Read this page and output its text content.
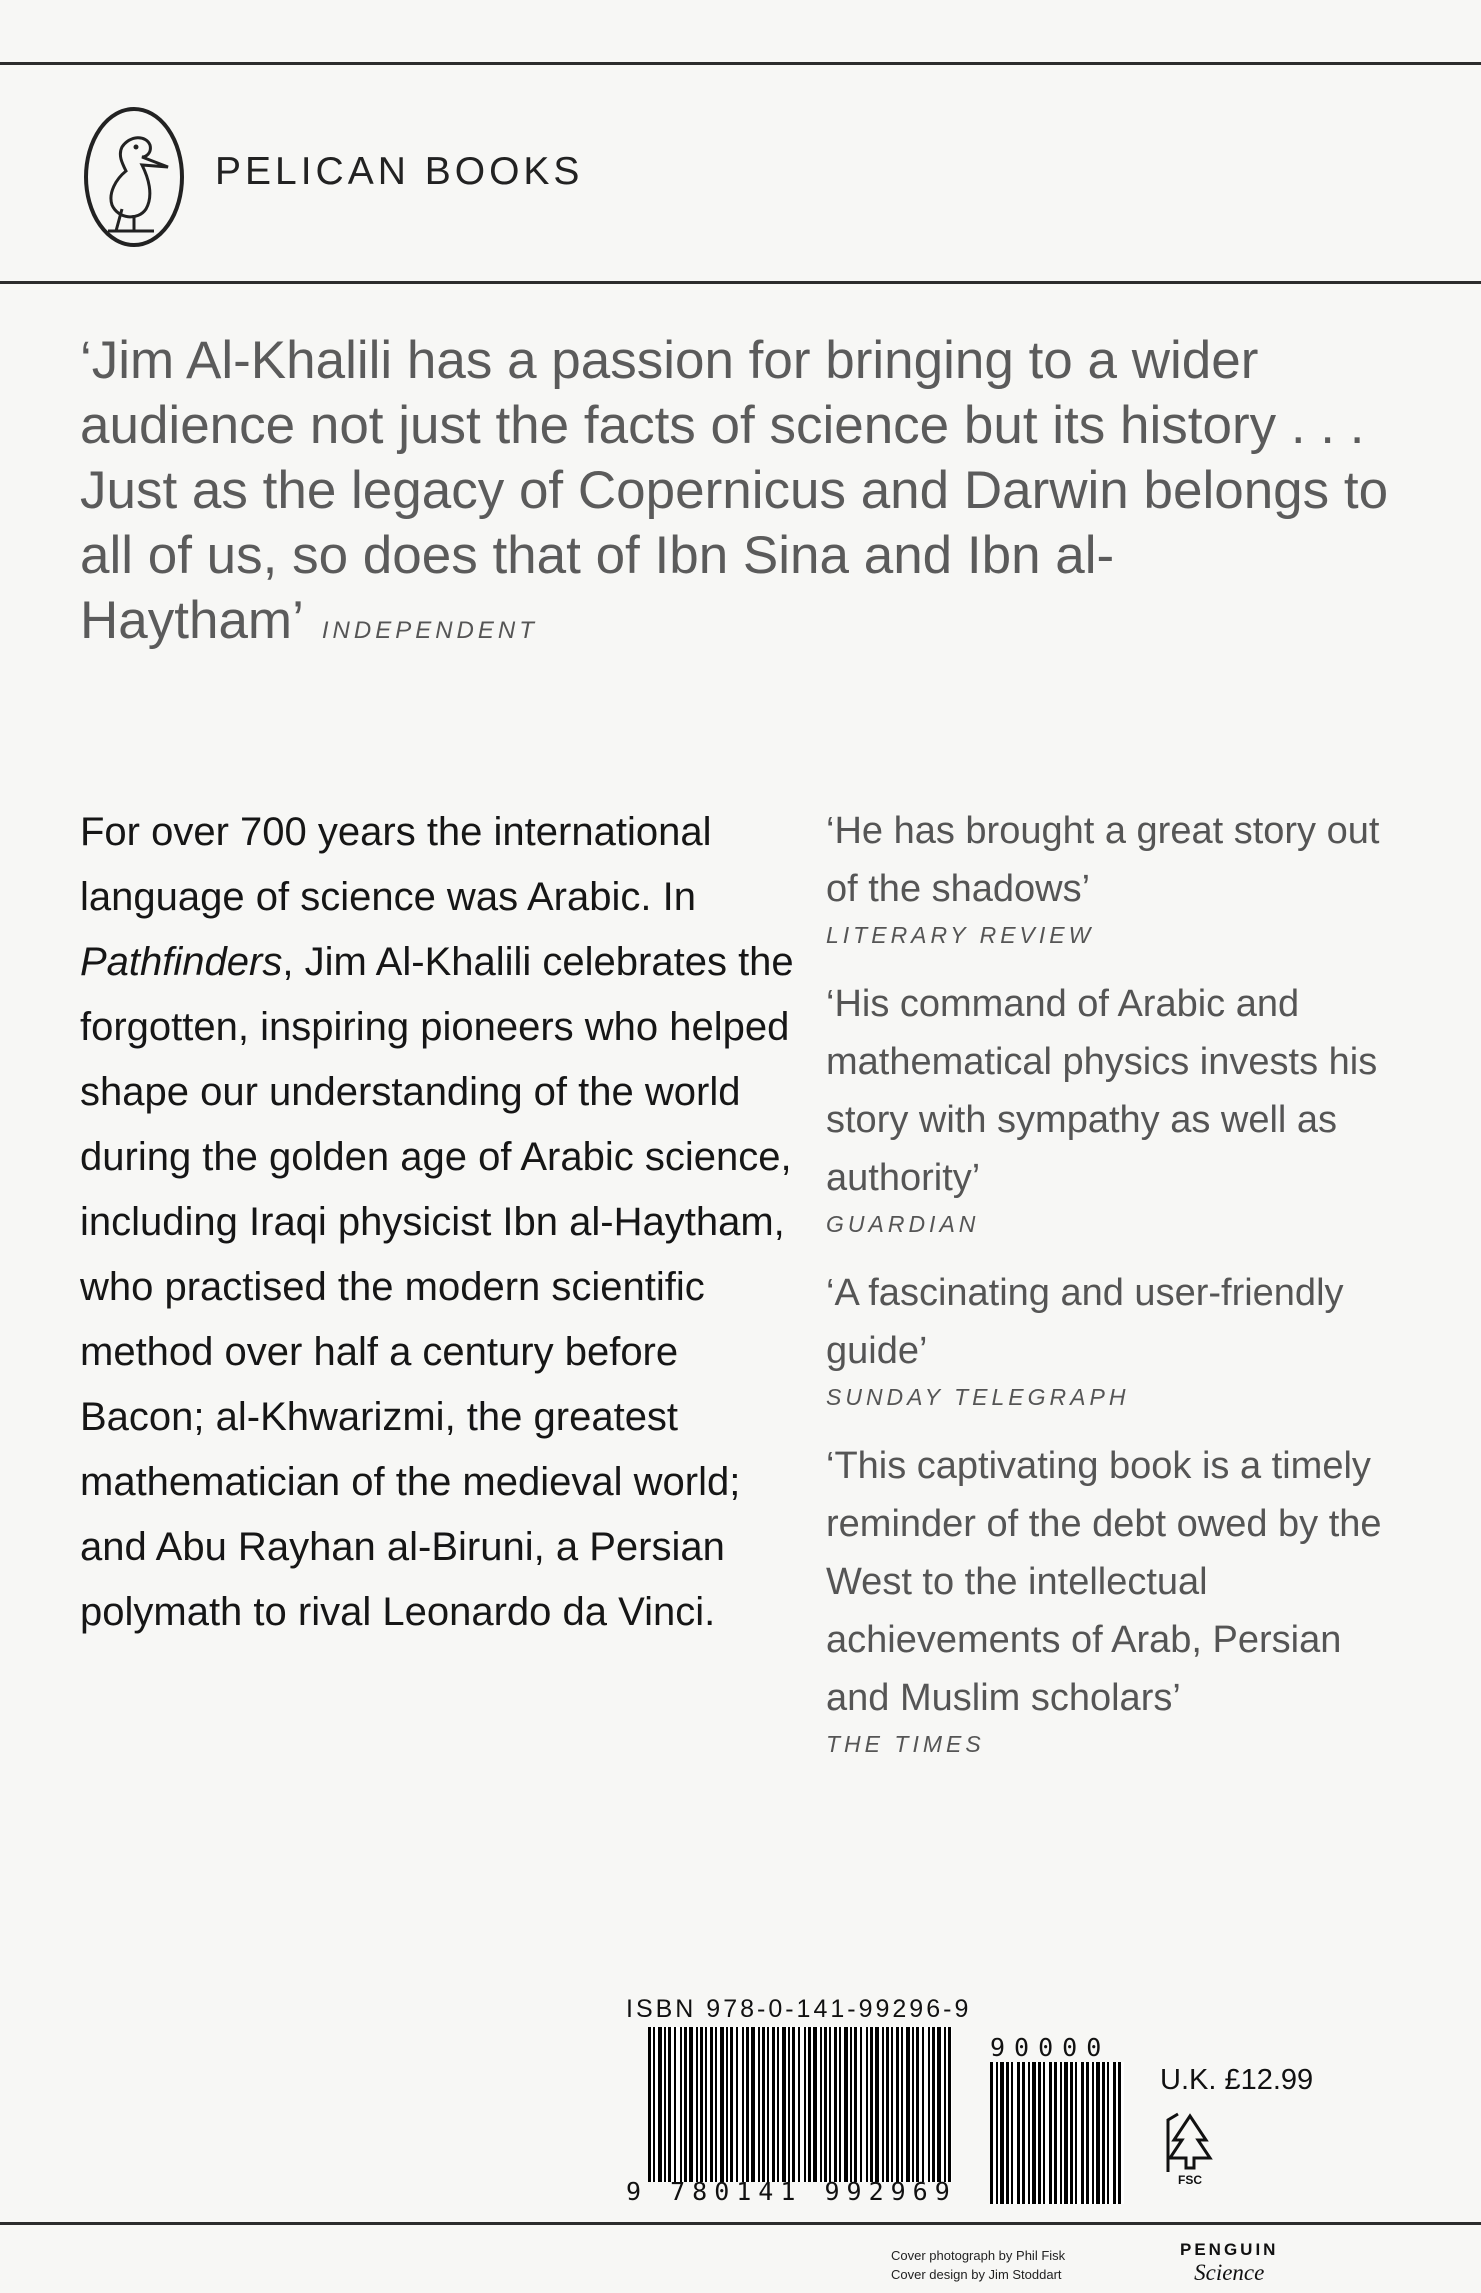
PELICAN BOOKS

‘Jim Al-Khalili has a passion for bringing to a wider audience not just the facts of science but its history . . . Just as the legacy of Copernicus and Darwin belongs to all of us, so does that of Ibn Sina and Ibn al-Haytham’ INDEPENDENT

For over 700 years the international language of science was Arabic. In Pathfinders, Jim Al-Khalili celebrates the forgotten, inspiring pioneers who helped shape our understanding of the world during the golden age of Arabic science, including Iraqi physicist Ibn al-Haytham, who practised the modern scientific method over half a century before Bacon; al-Khwarizmi, the greatest mathematician of the medieval world; and Abu Rayhan al-Biruni, a Persian polymath to rival Leonardo da Vinci.

‘He has brought a great story out of the shadows’

LITERARY REVIEW

‘His command of Arabic and mathematical physics invests his story with sympathy as well as authority’

GUARDIAN

‘A fascinating and user-friendly guide’

SUNDAY TELEGRAPH

‘This captivating book is a timely reminder of the debt owed by the West to the intellectual achievements of Arab, Persian and Muslim scholars’

THE TIMES
ISBN 978-0-141-99296-9
9 780141 992969
90000
U.K. £12.99
FSC
Cover photograph by Phil Fisk
Cover design by Jim Stoddart
PENGUIN
Science
